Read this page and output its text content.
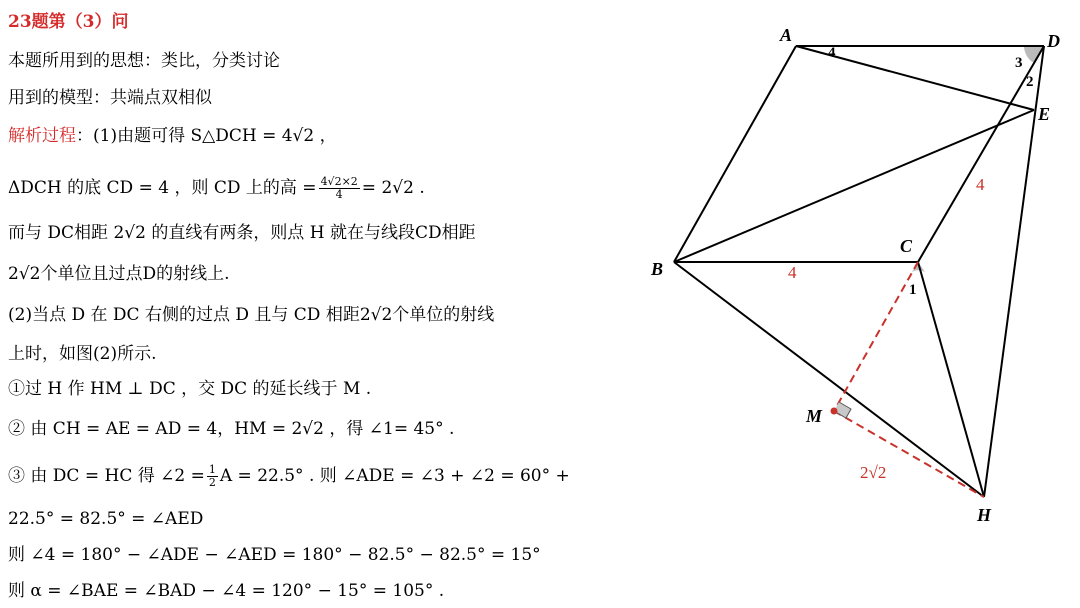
23题第（3）问
本题所用到的思想：类比，分类讨论
用到的模型：共端点双相似
解析过程：(1)由题可得 S△DCH = 4√2 ，
ΔDCH 的底 CD = 4 ，则 CD 上的高 = $\frac{4√2\times 2}{4} = 2√2$ .
而与 DC相距 2√2 的直线有两条，则点 H 就在与线段CD相距
2√2个单位且过点D的射线上.
(2)当点 D 在 DC 右侧的过点 D 且与 CD 相距2√2个单位的射线
上时，如图(2)所示.
①过 H 作 HM ⊥ DC ，交 DC 的延长线于 M .
② 由 CH = AE = AD = 4，HM = 2√2 ，得 ∠1= 45° .
③ 由 DC = HC 得 ∠2 = $\frac{1}{2}$ A = 22.5° . 则 ∠ADE = ∠3 + ∠2 = 60° +
22.5° = 82.5° = ∠AED
则 ∠4 = 180° − ∠ADE − ∠AED = 180° − 82.5° − 82.5° = 15°
则 α = ∠BAE = ∠BAD − ∠4 = 120° − 15° = 105° .
A	D
E
C
B
M
H
4
3
2
1
4
4
2√2
